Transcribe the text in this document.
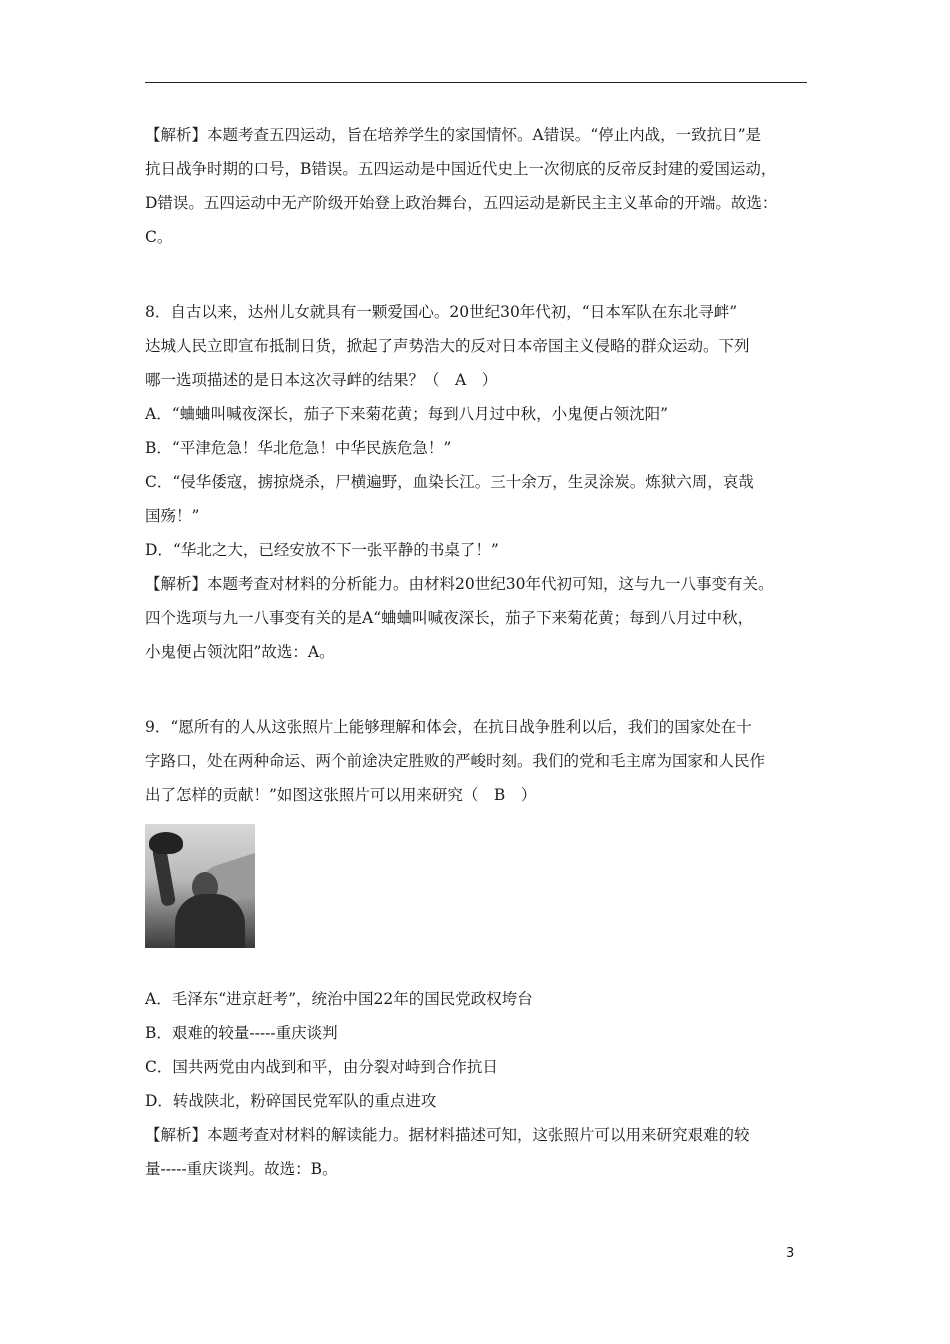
【解析】本题考查五四运动，旨在培养学生的家国情怀。A错误。“停止内战，一致抗日”是
抗日战争时期的口号，B错误。五四运动是中国近代史上一次彻底的反帝反封建的爱国运动，
D错误。五四运动中无产阶级开始登上政治舞台，五四运动是新民主主义革命的开端。故选：
C。
8．自古以来，达州儿女就具有一颗爱国心。20世纪30年代初，“日本军队在东北寻衅”
达城人民立即宣布抵制日货，掀起了声势浩大的反对日本帝国主义侵略的群众运动。下列
哪一选项描述的是日本这次寻衅的结果？（　A　）
A．“蛐蛐叫喊夜深长，茄子下来菊花黄；每到八月过中秋，小鬼便占领沈阳”
B．“平津危急！华北危急！中华民族危急！”
C．“侵华倭寇，掳掠烧杀，尸横遍野，血染长江。三十余万，生灵涂炭。炼狱六周，哀哉
国殇！”
D．“华北之大，已经安放不下一张平静的书桌了！”
【解析】本题考查对材料的分析能力。由材料20世纪30年代初可知，这与九一八事变有关。
四个选项与九一八事变有关的是A“蛐蛐叫喊夜深长，茄子下来菊花黄；每到八月过中秋，
小鬼便占领沈阳”故选：A。
9．“愿所有的人从这张照片上能够理解和体会，在抗日战争胜利以后，我们的国家处在十
字路口，处在两种命运、两个前途决定胜败的严峻时刻。我们的党和毛主席为国家和人民作
出了怎样的贡献！”如图这张照片可以用来研究（　B　）
A．毛泽东“进京赶考”，统治中国22年的国民党政权垮台
B．艰难的较量-----重庆谈判
C．国共两党由内战到和平，由分裂对峙到合作抗日
D．转战陕北，粉碎国民党军队的重点进攻
【解析】本题考查对材料的解读能力。据材料描述可知，这张照片可以用来研究艰难的较
量-----重庆谈判。故选：B。
3
